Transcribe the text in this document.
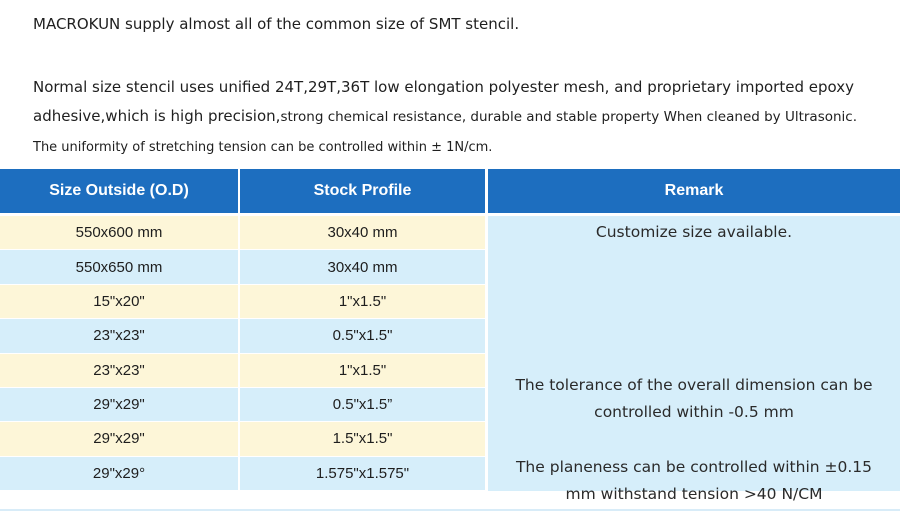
MACROKUN supply almost all of the common size of SMT stencil.

Normal size stencil uses unified 24T,29T,36T low elongation polyester mesh, and proprietary imported epoxy adhesive,which is high precision,strong chemical resistance, durable and stable property When cleaned by Ultrasonic.
The uniformity of stretching tension can be controlled within ± 1N/cm.

Size Outside (O.D)	Stock Profile	Remark
550x600 mm	30x40 mm	Customize size available.
The tolerance of the overall dimension can be controlled within -0.5 mm
The planeness can be controlled within ±0.15 mm withstand tension >40 N/CM
550x650 mm	30x40 mm
15"x20"	1"x1.5"
23"x23"	0.5"x1.5"
23"x23"	1"x1.5"
29"x29"	0.5"x1.5”
29"x29"	1.5"x1.5"
29"x29°	1.575"x1.575"
